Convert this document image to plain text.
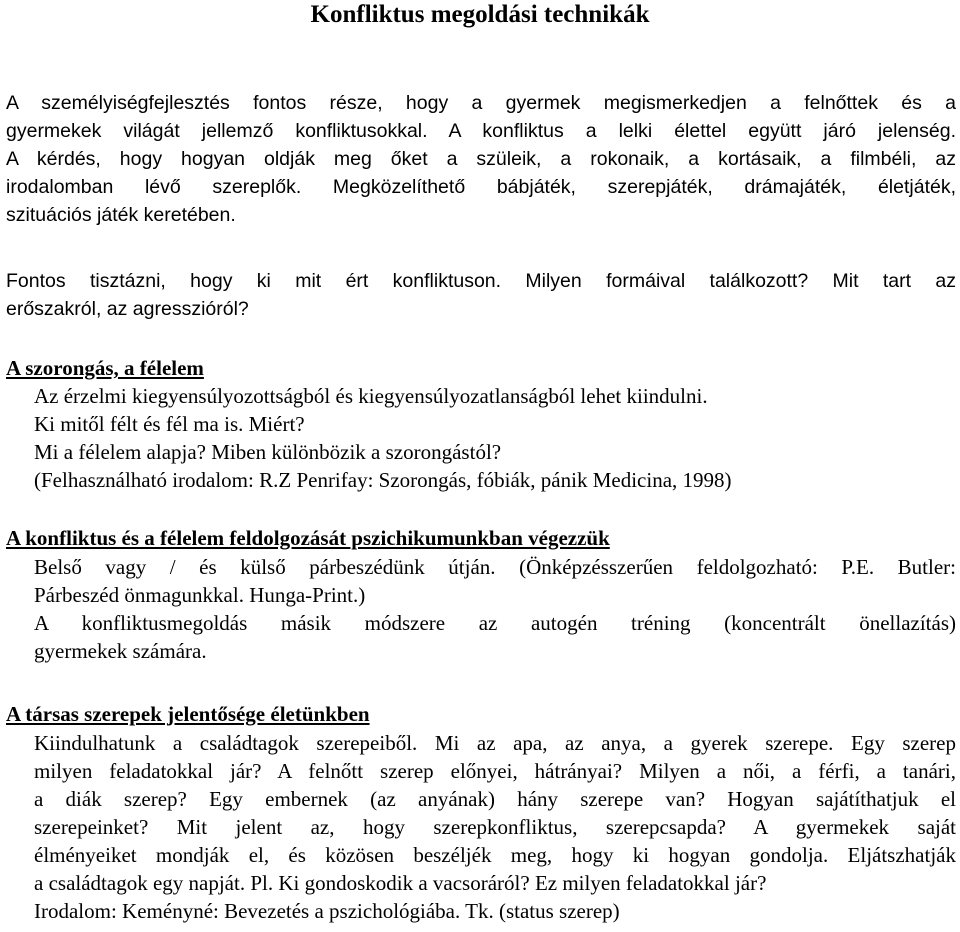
Konfliktus megoldási technikák
A személyiségfejlesztés fontos része, hogy a gyermek megismerkedjen a felnőttek és a
gyermekek világát jellemző konfliktusokkal. A konfliktus a lelki élettel együtt járó jelenség.
A kérdés, hogy hogyan oldják meg őket a szüleik, a rokonaik, a kortásaik, a filmbéli, az
irodalomban lévő szereplők. Megközelíthető bábjáték, szerepjáték, drámajáték, életjáték,
szituációs játék keretében.
Fontos tisztázni, hogy ki mit ért konfliktuson. Milyen formáival találkozott? Mit tart az
erőszakról, az agresszióról?

A szorongás, a félelem

Az érzelmi kiegyensúlyozottságból és kiegyensúlyozatlanságból lehet kiindulni.
Ki mitől félt és fél ma is. Miért?
Mi a félelem alapja? Miben különbözik a szorongástól?
(Felhasználható irodalom: R.Z Penrifay: Szorongás, fóbiák, pánik Medicina, 1998)

A konfliktus és a félelem feldolgozását pszichikumunkban végezzük

Belső vagy / és külső párbeszédünk útján. (Önképzésszerűen feldolgozható: P.E. Butler:
Párbeszéd önmagunkkal. Hunga-Print.)
A konfliktusmegoldás másik módszere az autogén tréning (koncentrált önellazítás)
gyermekek számára.

A társas szerepek jelentősége életünkben

Kiindulhatunk a családtagok szerepeiből. Mi az apa, az anya, a gyerek szerepe. Egy szerep
milyen feladatokkal jár? A felnőtt szerep előnyei, hátrányai? Milyen a női, a férfi, a tanári,
a diák szerep? Egy embernek (az anyának) hány szerepe van? Hogyan sajátíthatjuk el
szerepeinket? Mit jelent az, hogy szerepkonfliktus, szerepcsapda? A gyermekek saját
élményeiket mondják el, és közösen beszéljék meg, hogy ki hogyan gondolja. Eljátszhatják
a családtagok egy napját. Pl. Ki gondoskodik a vacsoráról? Ez milyen feladatokkal jár?
Irodalom: Keményné: Bevezetés a pszichológiába. Tk. (status szerep)
